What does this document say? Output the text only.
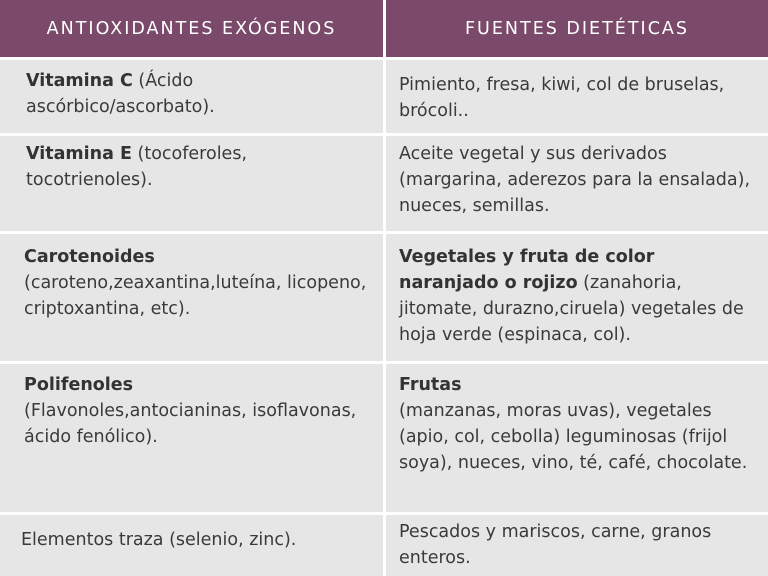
ANTIOXIDANTES EXÓGENOS	FUENTES DIETÉTICAS
Vitamina C (Ácido ascórbico/ascorbato).
Pimiento, fresa, kiwi, col de bruselas, brócoli..
Vitamina E (tocoferoles, tocotrienoles).
Aceite vegetal y sus derivados (margarina, aderezos para la ensalada), nueces, semillas.
Carotenoides
(caroteno,zeaxantina,luteína, licopeno, criptoxantina, etc).
Vegetales y fruta de color naranjado o rojizo (zanahoria, jitomate, durazno,ciruela) vegetales de hoja verde (espinaca, col).
Polifenoles
(Flavonoles,antocianinas, isoflavonas, ácido fenólico).
Frutas
(manzanas, moras uvas), vegetales (apio, col, cebolla) leguminosas (frijol soya), nueces, vino, té, café, chocolate.
Elementos traza (selenio, zinc).	Pescados y mariscos, carne, granos enteros.
